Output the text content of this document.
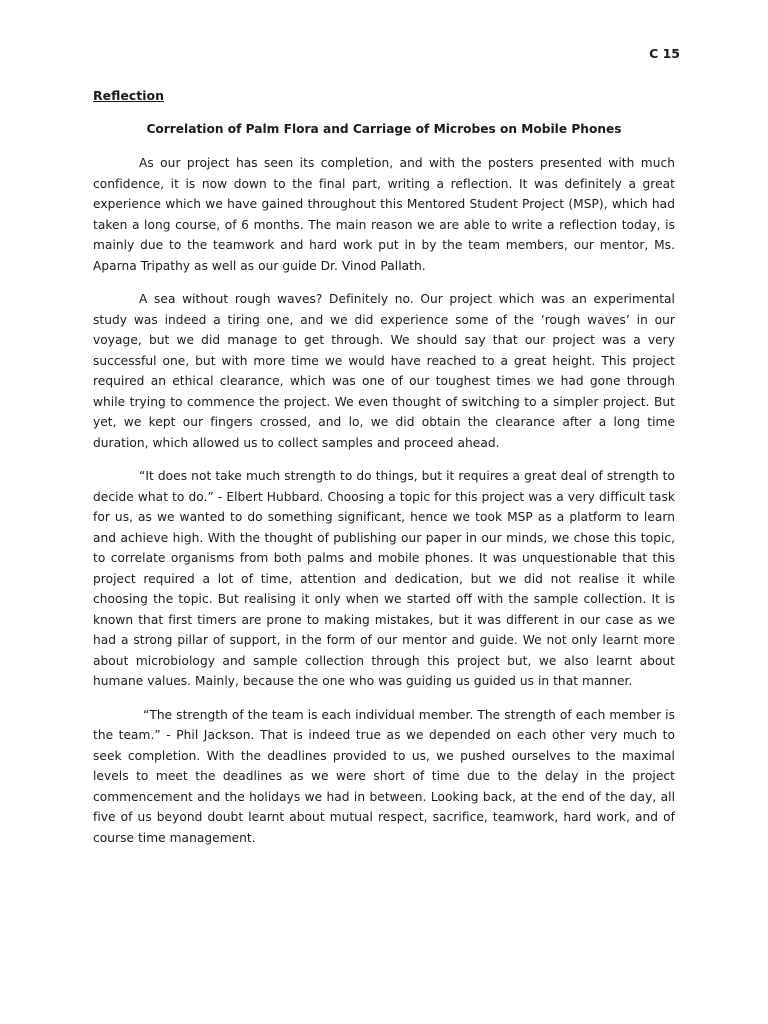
C 15
Reflection
Correlation of Palm Flora and Carriage of Microbes on Mobile Phones

As our project has seen its completion, and with the posters presented with much confidence, it is now down to the final part, writing a reflection. It was definitely a great experience which we have gained throughout this Mentored Student Project (MSP), which had taken a long course, of 6 months. The main reason we are able to write a reflection today, is mainly due to the teamwork and hard work put in by the team members, our mentor, Ms. Aparna Tripathy as well as our guide Dr. Vinod Pallath.

A sea without rough waves? Definitely no. Our project which was an experimental study was indeed a tiring one, and we did experience some of the ‘rough waves’ in our voyage, but we did manage to get through. We should say that our project was a very successful one, but with more time we would have reached to a great height. This project required an ethical clearance, which was one of our toughest times we had gone through while trying to commence the project. We even thought of switching to a simpler project. But yet, we kept our fingers crossed, and lo, we did obtain the clearance after a long time duration, which allowed us to collect samples and proceed ahead.

“It does not take much strength to do things, but it requires a great deal of strength to decide what to do.” - Elbert Hubbard. Choosing a topic for this project was a very difficult task for us, as we wanted to do something significant, hence we took MSP as a platform to learn and achieve high. With the thought of publishing our paper in our minds, we chose this topic, to correlate organisms from both palms and mobile phones. It was unquestionable that this project required a lot of time, attention and dedication, but we did not realise it while choosing the topic. But realising it only when we started off with the sample collection. It is known that first timers are prone to making mistakes, but it was different in our case as we had a strong pillar of support, in the form of our mentor and guide. We not only learnt more about microbiology and sample collection through this project but, we also learnt about humane values. Mainly, because the one who was guiding us guided us in that manner.

“The strength of the team is each individual member. The strength of each member is the team.” - Phil Jackson. That is indeed true as we depended on each other very much to seek completion. With the deadlines provided to us, we pushed ourselves to the maximal levels to meet the deadlines as we were short of time due to the delay in the project commencement and the holidays we had in between. Looking back, at the end of the day, all five of us beyond doubt learnt about mutual respect, sacrifice, teamwork, hard work, and of course time management.
